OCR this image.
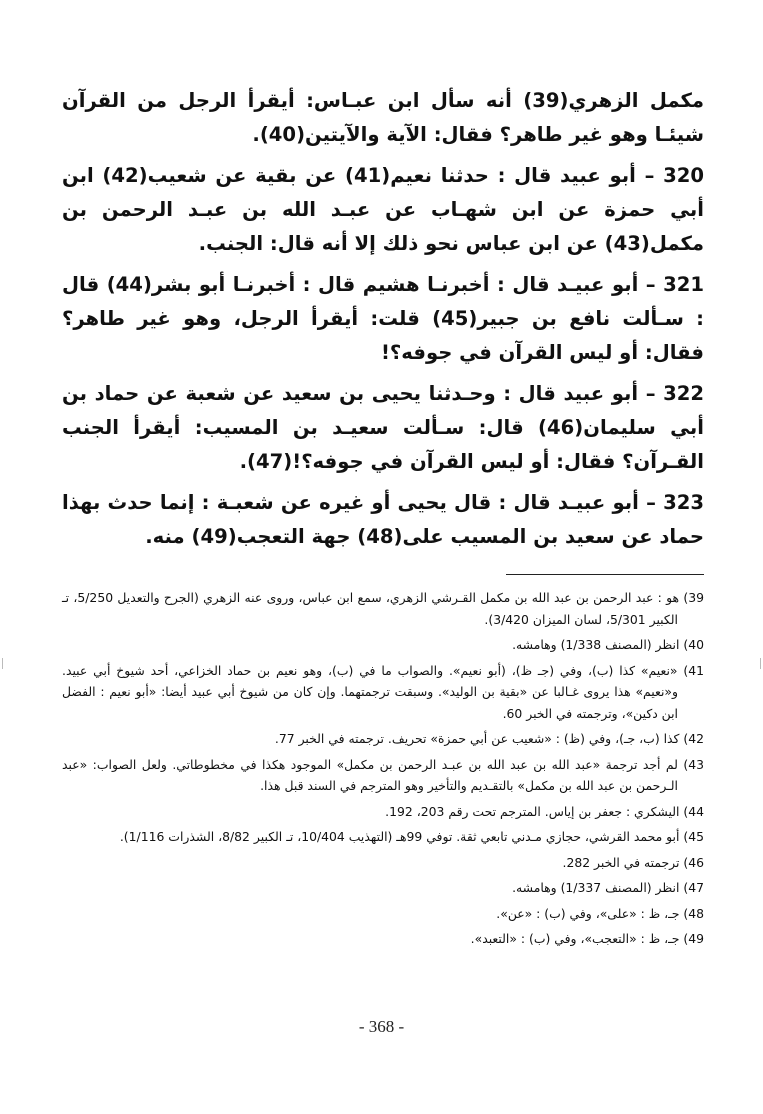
مكمل الزهري(39) أنه سأل ابن عبـاس: أيقرأ الرجل من القرآن شيئـا وهو غير طاهر؟ فقال: الآية والآيتين(40).

320 – أبو عبيد قال : حدثنا نعيم(41) عن بقية عن شعيب(42) ابن أبي حمزة عن ابن شهـاب عن عبـد الله بن عبـد الرحمن بن مكمل(43) عن ابن عباس نحو ذلك إلا أنه قال: الجنب.

321 – أبو عبيـد قال : أخبرنـا هشيم قال : أخبرنـا أبو بشر(44) قال : سـألت نافع بن جبير(45) قلت: أيقرأ الرجل، وهو غير طاهر؟ فقال: أو ليس القرآن في جوفه؟!

322 – أبو عبيد قال : وحـدثنا يحيى بن سعيد عن شعبة عن حماد بن أبي سليمان(46) قال: سـألت سعيـد بن المسيب: أيقرأ الجنب القـرآن؟ فقال: أو ليس القرآن في جوفه؟!(47).

323 – أبو عبيـد قال : قال يحيى أو غيره عن شعبـة : إنما حدث بهذا حماد عن سعيد بن المسيب على(48) جهة التعجب(49) منه.

39) هو : عبد الرحمن بن عبد الله بن مكمل القـرشي الزهري، سمع ابن عباس، وروى عنه الزهري (الجرح والتعديل 5/250، تـ الكبير 5/301، لسان الميزان 3/420).

40) انظر (المصنف 1/338) وهامشه.

41) «نعيم» كذا (ب)، وفي (جـ ظ)، (أبو نعيم». والصواب ما في (ب)، وهو نعيم بن حماد الخزاعي، أحد شيوخ أبي عبيد. و«نعيم» هذا يروى غـالبا عن «بقية بن الوليد». وسبقت ترجمتهما. وإن كان من شيوخ أبي عبيد أيضا: «أبو نعيم : الفضل ابن دكين»، وترجمته في الخبر 60.

42) كذا (ب، جـ)، وفي (ظ) : «شعيب عن أبي حمزة» تحريف. ترجمته في الخبر 77.

43) لم أجد ترجمة «عبد الله بن عبد الله بن عبـد الرحمن بن مكمل» الموجود هكذا في مخطوطاتي. ولعل الصواب: «عبد الـرحمن بن عبد الله بن مكمل» بالتقـديم والتأخير وهو المترجم في السند قبل هذا.

44) اليشكري : جعفر بن إياس. المترجم تحت رقم 203، 192.

45) أبو محمد القرشي، حجازي مـدني تابعي ثقة. توفي 99هـ (التهذيب 10/404، تـ الكبير 8/82، الشذرات 1/116).

46) ترجمته في الخبر 282.

47) انظر (المصنف 1/337) وهامشه.

48) جـ، ظ : «على»، وفي (ب) : «عن».

49) جـ، ظ : «التعجب»، وفي (ب) : «التعبد».

- 368 -
